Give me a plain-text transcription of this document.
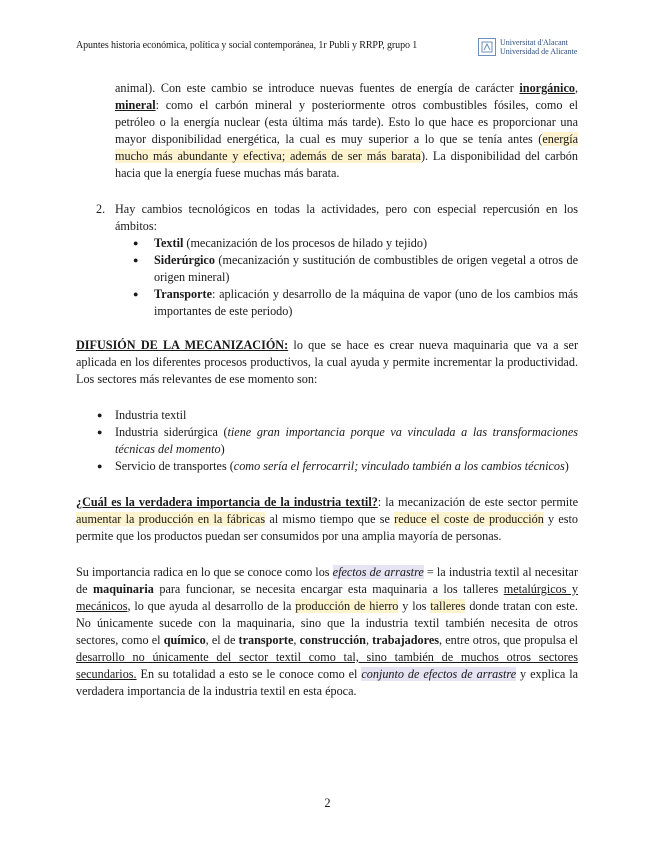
Apuntes historia económica, política y social contemporánea, 1r Publi y RRPP, grupo 1	Universitat d'Alacant
Universidad de Alicante

animal). Con este cambio se introduce nuevas fuentes de energía de carácter inorgánico, mineral: como el carbón mineral y posteriormente otros combustibles fósiles, como el petróleo o la energía nuclear (esta última más tarde). Esto lo que hace es proporcionar una mayor disponibilidad energética, la cual es muy superior a lo que se tenía antes (energía mucho más abundante y efectiva; además de ser más barata). La disponibilidad del carbón hacia que la energía fuese muchas más barata.

2. Hay cambios tecnológicos en todas la actividades, pero con especial repercusión en los ámbitos:

● Textil (mecanización de los procesos de hilado y tejido)
● Siderúrgico (mecanización y sustitución de combustibles de origen vegetal a otros de origen mineral)
● Transporte: aplicación y desarrollo de la máquina de vapor (uno de los cambios más importantes de este periodo)

DIFUSIÓN DE LA MECANIZACIÓN: lo que se hace es crear nueva maquinaria que va a ser aplicada en los diferentes procesos productivos, la cual ayuda y permite incrementar la productividad. Los sectores más relevantes de ese momento son:

● Industria textil
● Industria siderúrgica (tiene gran importancia porque va vinculada a las transformaciones técnicas del momento)
● Servicio de transportes (como sería el ferrocarril; vinculado también a los cambios técnicos)

¿Cuál es la verdadera importancia de la industria textil?: la mecanización de este sector permite aumentar la producción en la fábricas al mismo tiempo que se reduce el coste de producción y esto permite que los productos puedan ser consumidos por una amplia mayoría de personas.

Su importancia radica en lo que se conoce como los efectos de arrastre = la industria textil al necesitar de maquinaria para funcionar, se necesita encargar esta maquinaria a los talleres metalúrgicos y mecánicos, lo que ayuda al desarrollo de la producción de hierro y los talleres donde tratan con este. No únicamente sucede con la maquinaria, sino que la industria textil también necesita de otros sectores, como el químico, el de transporte, construcción, trabajadores, entre otros, que propulsa el desarrollo no únicamente del sector textil como tal, sino también de muchos otros sectores secundarios. En su totalidad a esto se le conoce como el conjunto de efectos de arrastre y explica la verdadera importancia de la industria textil en esta época.

2
